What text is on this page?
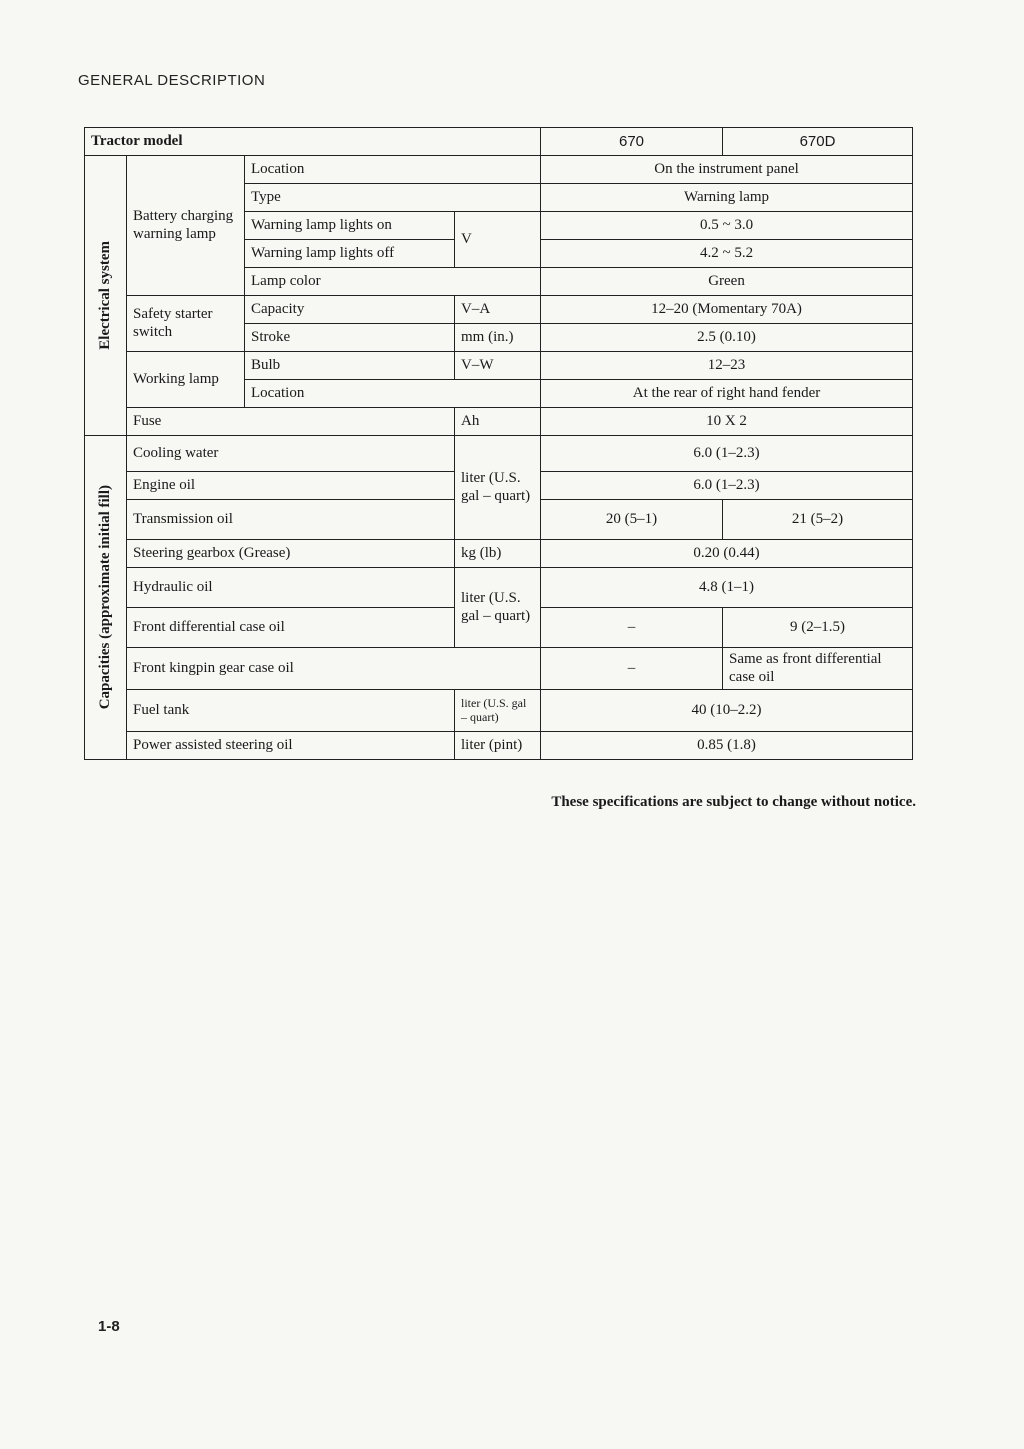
GENERAL DESCRIPTION
Tractor model				670	670D

Electrical system	Battery charging warning lamp	Location		On the instrument panel	
		Type		Warning lamp	
		Warning lamp lights on	V	0.5 ~ 3.0	
		Warning lamp lights off		4.2 ~ 5.2	
		Lamp color		Green	
	Safety starter switch	Capacity	V–A	12–20 (Momentary 70A)	
		Stroke	mm (in.)	2.5 (0.10)	
	Working lamp	Bulb	V–W	12–23	
		Location		At the rear of right hand fender	
	Fuse		Ah	10 X 2	

Capacities (approximate initial fill)	Cooling water		liter (U.S. gal – quart)	6.0 (1–2.3)	
	Engine oil			6.0 (1–2.3)	
	Transmission oil			20 (5–1)	21 (5–2)
	Steering gearbox (Grease)		kg (lb)	0.20 (0.44)	
	Hydraulic oil		liter (U.S. gal – quart)	4.8 (1–1)	
	Front differential case oil			–	9 (2–1.5)
	Front kingpin gear case oil			–	Same as front differential case oil
	Fuel tank		liter (U.S. gal – quart)	40 (10–2.2)	
	Power assisted steering oil		liter (pint)	0.85 (1.8)	
These specifications are subject to change without notice.
1-8
